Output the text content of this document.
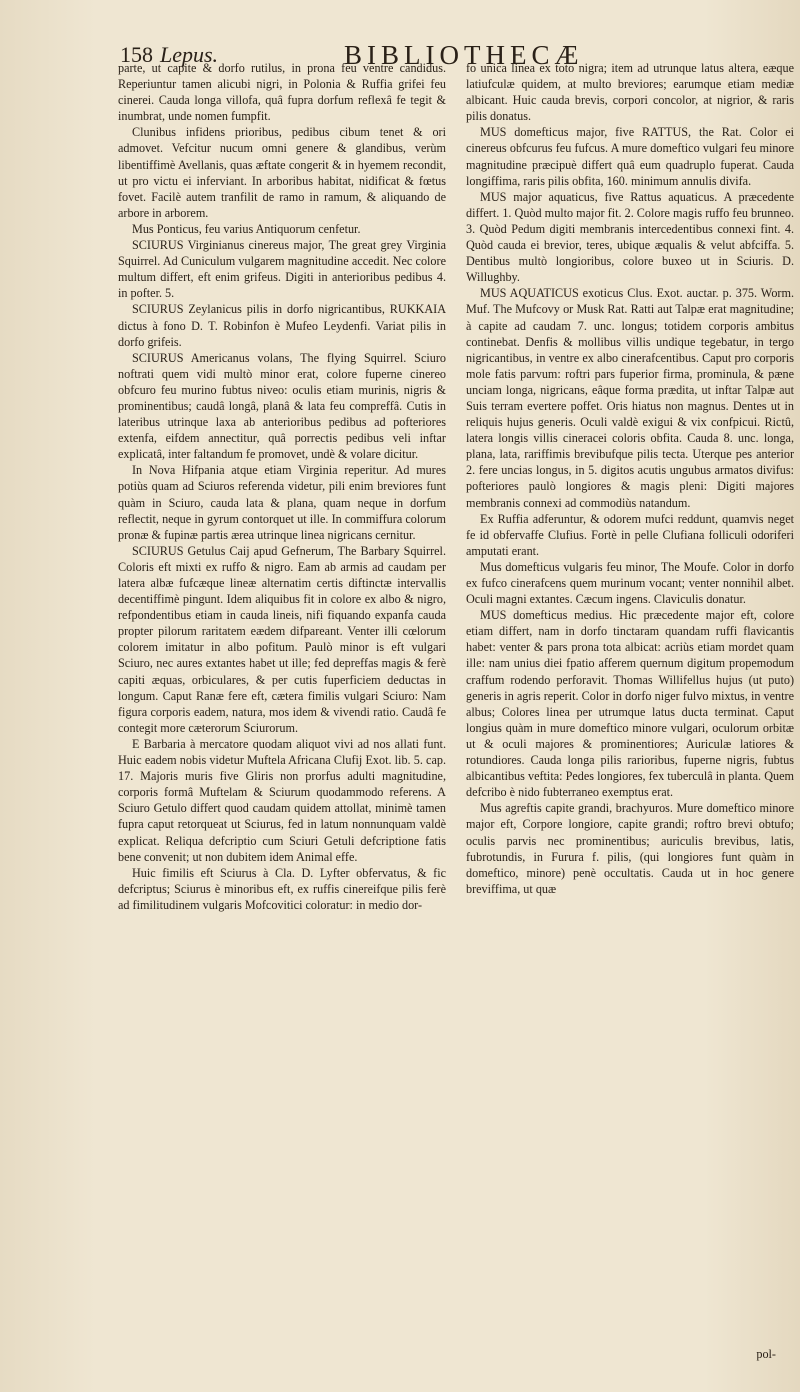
158 Lepus.	BIBLIOTHECÆ

parte, ut capite & dorfo rutilus, in prona feu ventre candidus. Reperiuntur tamen alicubi nigri, in Polonia & Ruffia grifei feu cinerei. Cauda longa villofa, quâ fupra dorfum reflexâ fe tegit & inumbrat, unde nomen fumpfit.

Clunibus infidens prioribus, pedibus cibum tenet & ori admovet. Vefcitur nucum omni genere & glandibus, verùm libentiffimè Avellanis, quas æftate congerit & in hyemem recondit, ut pro victu ei inferviant. In arboribus habitat, nidificat & fœtus fovet. Facilè autem tranfilit de ramo in ramum, & aliquando de arbore in arborem.

Mus Ponticus, feu varius Antiquorum cenfetur.

SCIURUS Virginianus cinereus major, The great grey Virginia Squirrel. Ad Cuniculum vulgarem magnitudine accedit. Nec colore multum differt, eft enim grifeus. Digiti in anterioribus pedibus 4. in pofter. 5.

SCIURUS Zeylanicus pilis in dorfo nigricantibus, RUKKAIA dictus à fono D. T. Robinfon è Mufeo Leydenfi. Variat pilis in dorfo grifeis.

SCIURUS Americanus volans, The flying Squirrel. Sciuro noftrati quem vidi multò minor erat, colore fuperne cinereo obfcuro feu murino fubtus niveo: oculis etiam murinis, nigris & prominentibus; caudâ longâ, planâ & lata feu compreffâ. Cutis in lateribus utrinque laxa ab anterioribus pedibus ad pofteriores extenfa, eifdem annectitur, quâ porrectis pedibus veli inftar explicatâ, inter faltandum fe promovet, undè & volare dicitur.

In Nova Hifpania atque etiam Virginia reperitur. Ad mures potiùs quam ad Sciuros referenda videtur, pili enim breviores funt quàm in Sciuro, cauda lata & plana, quam neque in dorfum reflectit, neque in gyrum contorquet ut ille. In commiffura colorum pronæ & fupinæ partis ærea utrinque linea nigricans cernitur.

SCIURUS Getulus Caij apud Gefnerum, The Barbary Squirrel. Coloris eft mixti ex ruffo & nigro. Eam ab armis ad caudam per latera albæ fufcæque lineæ alternatim certis diftinctæ intervallis decentiffimè pingunt. Idem aliquibus fit in colore ex albo & nigro, refpondentibus etiam in cauda lineis, nifi fiquando expanfa cauda propter pilorum raritatem eædem difpareant. Venter illi cœlorum colorem imitatur in albo pofitum. Paulò minor is eft vulgari Sciuro, nec aures extantes habet ut ille; fed depreffas magis & ferè capiti æquas, orbiculares, & per cutis fuperficiem deductas in longum. Caput Ranæ fere eft, cætera fimilis vulgari Sciuro: Nam figura corporis eadem, natura, mos idem & vivendi ratio. Caudâ fe contegit more cæterorum Sciurorum.

E Barbaria à mercatore quodam aliquot vivi ad nos allati funt. Huic eadem nobis videtur Muftela Africana Clufij Exot. lib. 5. cap. 17. Majoris muris five Gliris non prorfus adulti magnitudine, corporis formâ Muftelam & Sciurum quodammodo referens. A Sciuro Getulo differt quod caudam quidem attollat, minimè tamen fupra caput retorqueat ut Sciurus, fed in latum nonnunquam valdè explicat. Reliqua defcriptio cum Sciuri Getuli defcriptione fatis bene convenit; ut non dubitem idem Animal effe.

Huic fimilis eft Sciurus à Cla. D. Lyfter obfervatus, & fic defcriptus; Sciurus è minoribus eft, ex ruffis cinereifque pilis ferè ad fimilitudinem vulgaris Mofcovitici coloratur: in medio dor-

fo unica linea ex toto nigra; item ad utrunque latus altera, eæque latiufculæ quidem, at multo breviores; earumque etiam mediæ albicant. Huic cauda brevis, corpori concolor, at nigrior, & raris pilis donatus.

MUS domefticus major, five RATTUS, the Rat. Color ei cinereus obfcurus feu fufcus. A mure domeftico vulgari feu minore magnitudine præcipuè differt quâ eum quadruplo fuperat. Cauda longiffima, raris pilis obfita, 160. minimum annulis divifa.

MUS major aquaticus, five Rattus aquaticus. A præcedente differt. 1. Quòd multo major fit. 2. Colore magis ruffo feu brunneo. 3. Quòd Pedum digiti membranis intercedentibus connexi fint. 4. Quòd cauda ei brevior, teres, ubique æqualis & velut abfciffa. 5. Dentibus multò longioribus, colore buxeo ut in Sciuris. D. Willughby.

MUS AQUATICUS exoticus Clus. Exot. auctar. p. 375. Worm. Muf. The Mufcovy or Musk Rat. Ratti aut Talpæ erat magnitudine; à capite ad caudam 7. unc. longus; totidem corporis ambitus continebat. Denfis & mollibus villis undique tegebatur, in tergo nigricantibus, in ventre ex albo cinerafcentibus. Caput pro corporis mole fatis parvum: roftri pars fuperior firma, prominula, & pæne unciam longa, nigricans, eâque forma prædita, ut inftar Talpæ aut Suis terram evertere poffet. Oris hiatus non magnus. Dentes ut in reliquis hujus generis. Oculi valdè exigui & vix confpicui. Rictû, latera longis villis cineracei coloris obfita. Cauda 8. unc. longa, plana, lata, rariffimis brevibufque pilis tecta. Uterque pes anterior 2. fere uncias longus, in 5. digitos acutis ungubus armatos divifus: pofteriores paulò longiores & magis pleni: Digiti majores membranis connexi ad commodiùs natandum.

Ex Ruffia adferuntur, & odorem mufci reddunt, quamvis neget fe id obfervaffe Clufius. Fortè in pelle Clufiana folliculi odoriferi amputati erant.

Mus domefticus vulgaris feu minor, The Moufe. Color in dorfo ex fufco cinerafcens quem murinum vocant; venter nonnihil albet. Oculi magni extantes. Cæcum ingens. Claviculis donatur.

MUS domefticus medius. Hic præcedente major eft, colore etiam differt, nam in dorfo tinctaram quandam ruffi flavicantis habet: venter & pars prona tota albicat: acriùs etiam mordet quam ille: nam unius diei fpatio afferem quernum digitum propemodum craffum rodendo perforavit. Thomas Willifellus hujus (ut puto) generis in agris reperit. Color in dorfo niger fulvo mixtus, in ventre albus; Colores linea per utrumque latus ducta terminat. Caput longius quàm in mure domeftico minore vulgari, oculorum orbitæ ut & oculi majores & prominentiores; Auriculæ latiores & rotundiores. Cauda longa pilis rarioribus, fuperne nigris, fubtus albicantibus veftita: Pedes longiores, fex tuberculâ in planta. Quem defcribo è nido fubterraneo exemptus erat.

Mus agreftis capite grandi, brachyuros. Mure domeftico minore major eft, Corpore longiore, capite grandi; roftro brevi obtufo; oculis parvis nec prominentibus; auriculis brevibus, latis, fubrotundis, in Furura f. pilis, (qui longiores funt quàm in domeftico, minore) penè occultatis. Cauda ut in hoc genere breviffima, ut quæ

pol-
